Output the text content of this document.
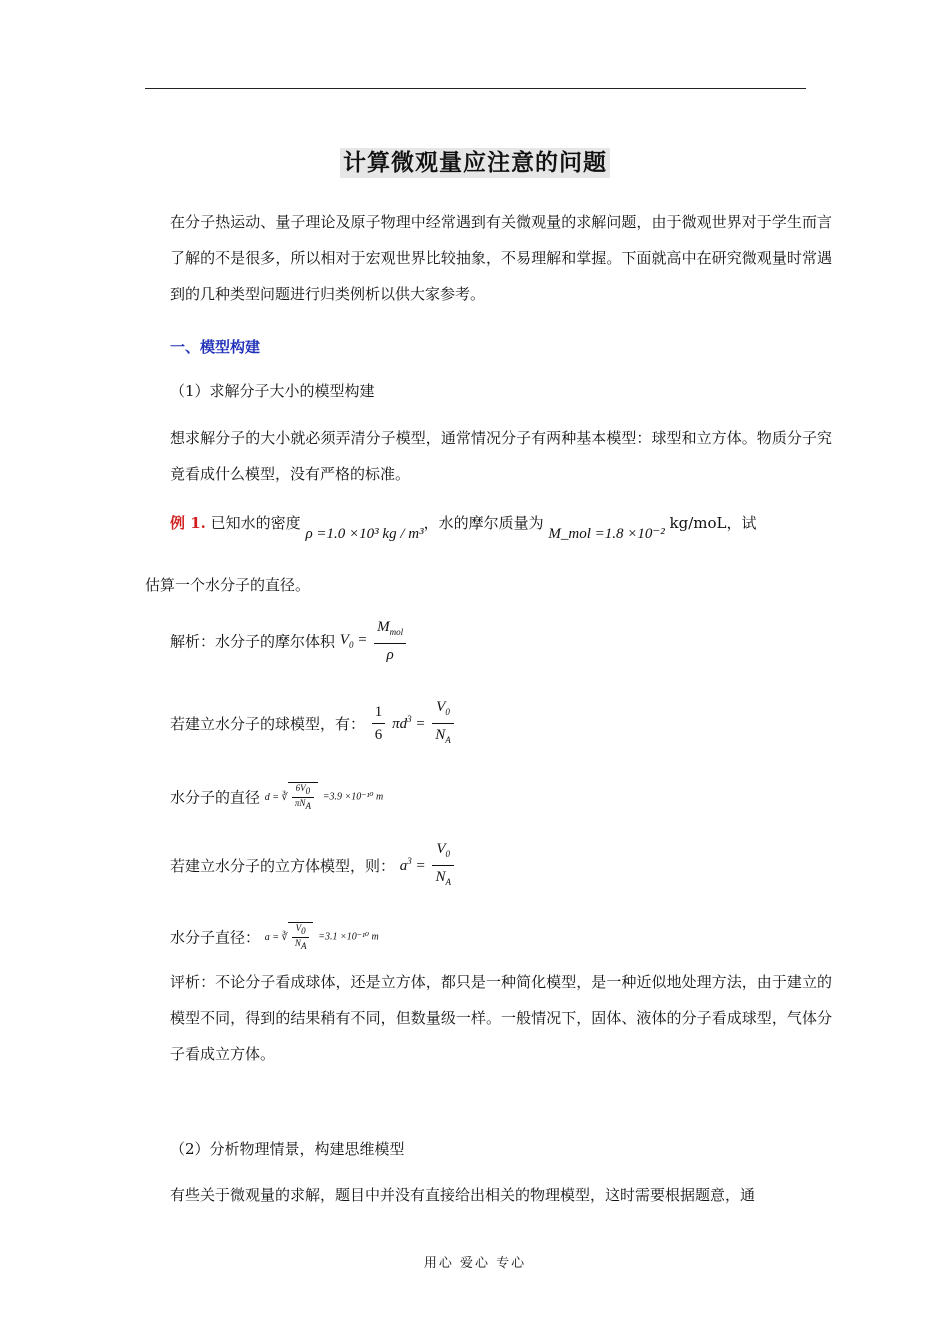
计算微观量应注意的问题
在分子热运动、量子理论及原子物理中经常遇到有关微观量的求解问题，由于微观世界对于学生而言了解的不是很多，所以相对于宏观世界比较抽象，不易理解和掌握。下面就高中在研究微观量时常遇到的几种类型问题进行归类例析以供大家参考。
一、模型构建
（1）求解分子大小的模型构建
想求解分子的大小就必须弄清分子模型，通常情况分子有两种基本模型：球型和立方体。物质分子究竟看成什么模型，没有严格的标准。
例 1. 已知水的密度 ρ =1.0 ×10³ kg / m³，水的摩尔质量为 M_mol =1.8 ×10⁻² kg/moL，试
估算一个水分子的直径。
解析：水分子的摩尔体积 $V_0 = \frac{M_{mol}}{\rho}$
若建立水分子的球模型，有： $\frac{1}{6} \pi d^3 = \frac{V_0}{N_A}$
水分子的直径 d = ∛ $\frac{6V_0}{\pi N_A} =3.9 \times 10^{-10}$ m
若建立水分子的立方体模型，则： $a^3 = \frac{V_0}{N_A}$
水分子直径： a = ∛ $\frac{V_0}{N_A} =3.1 \times 10^{-10}$ m
评析：不论分子看成球体，还是立方体，都只是一种简化模型，是一种近似地处理方法，由于建立的模型不同，得到的结果稍有不同，但数量级一样。一般情况下，固体、液体的分子看成球型，气体分子看成立方体。
（2）分析物理情景，构建思维模型
有些关于微观量的求解，题目中并没有直接给出相关的物理模型，这时需要根据题意，通
用心 爱心 专心
